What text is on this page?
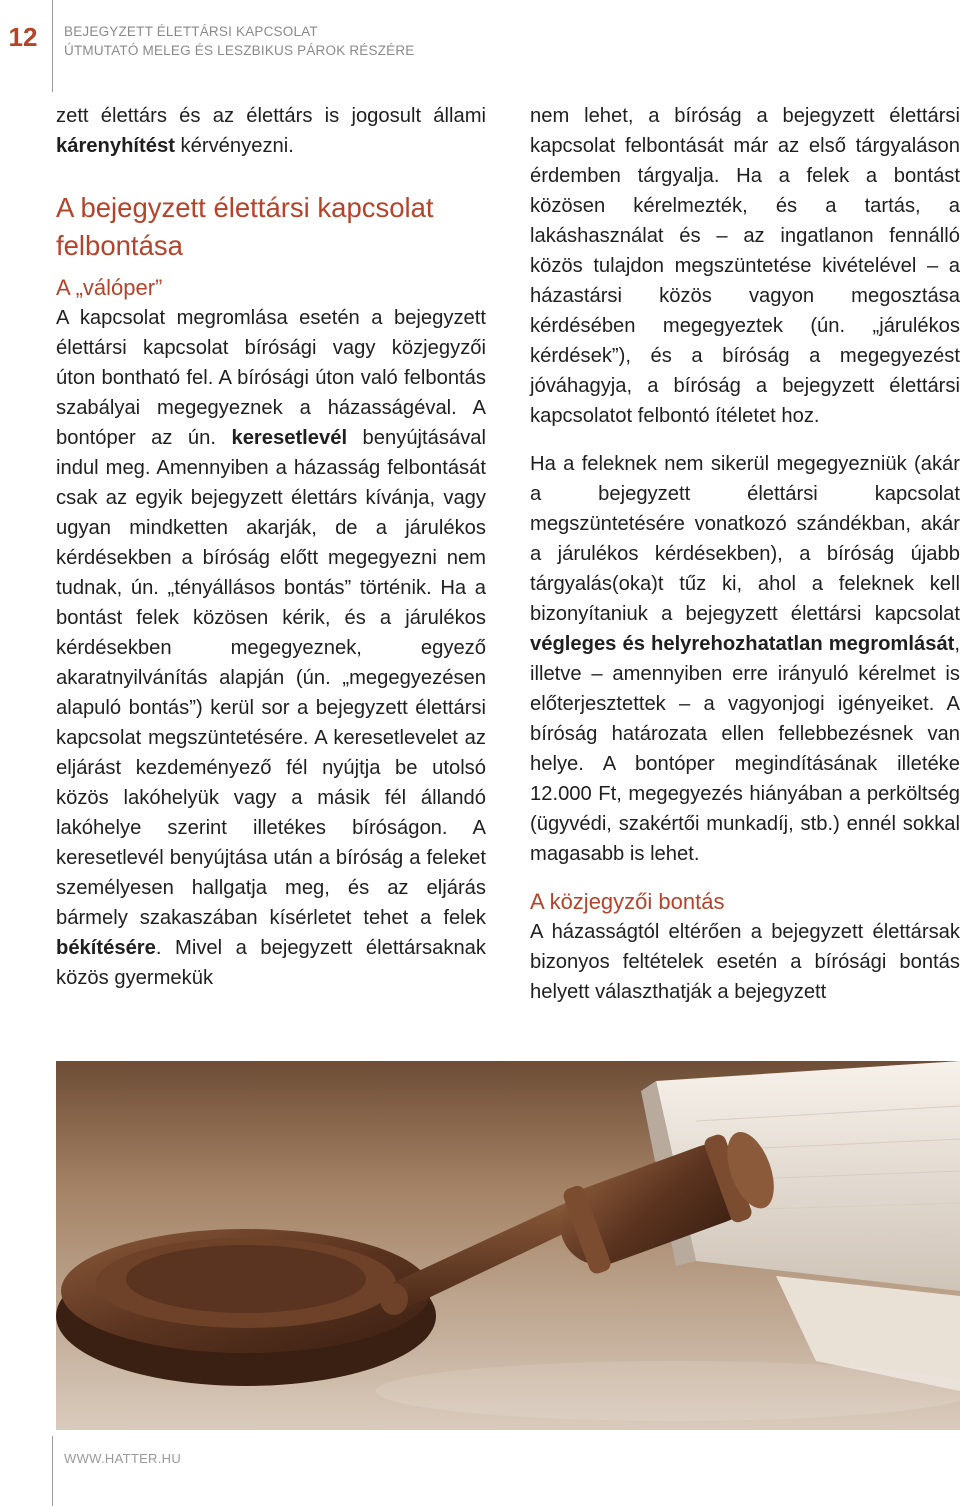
12	BEJEGYZETT ÉLETTÁRSI KAPCSOLAT
ÚTMUTATÓ MELEG ÉS LESZBIKUS PÁROK RÉSZÉRE

zett élettárs és az élettárs is jogosult állami kárenyhítést kérvényezni.

A bejegyzett élettársi kapcsolat felbontása
A „válóper”

A kapcsolat megromlása esetén a bejegyzett élettársi kapcsolat bírósági vagy közjegyzői úton bontható fel. A bírósági úton való felbontás szabályai megegyeznek a házasságéval. A bontóper az ún. keresetlevél benyújtásával indul meg. Amennyiben a házasság felbontását csak az egyik bejegyzett élettárs kívánja, vagy ugyan mindketten akarják, de a járulékos kérdésekben a bíróság előtt megegyezni nem tudnak, ún. „tényállásos bontás” történik. Ha a bontást felek közösen kérik, és a járulékos kérdésekben megegyeznek, egyező akaratnyilvánítás alapján (ún. „megegyezésen alapuló bontás”) kerül sor a bejegyzett élettársi kapcsolat megszüntetésére. A keresetlevelet az eljárást kezdeményező fél nyújtja be utolsó közös lakóhelyük vagy a másik fél állandó lakóhelye szerint illetékes bíróságon. A keresetlevél benyújtása után a bíróság a feleket személyesen hallgatja meg, és az eljárás bármely szakaszában kísérletet tehet a felek békítésére. Mivel a bejegyzett élettársaknak közös gyermekük

nem lehet, a bíróság a bejegyzett élettársi kapcsolat felbontását már az első tárgyaláson érdemben tárgyalja. Ha a felek a bontást közösen kérelmezték, és a tartás, a lakáshasználat és – az ingatlanon fennálló közös tulajdon megszüntetése kivételével – a házastársi közös vagyon megosztása kérdésében megegyeztek (ún. „járulékos kérdések”), és a bíróság a megegyezést jóváhagyja, a bíróság a bejegyzett élettársi kapcsolatot felbontó ítéletet hoz.

Ha a feleknek nem sikerül megegyezniük (akár a bejegyzett élettársi kapcsolat megszüntetésére vonatkozó szándékban, akár a járulékos kérdésekben), a bíróság újabb tárgyalás(oka)t tűz ki, ahol a feleknek kell bizonyítaniuk a bejegyzett élettársi kapcsolat végleges és helyrehozhatatlan megromlását, illetve – amennyiben erre irányuló kérelmet is előterjesztettek – a vagyonjogi igényeiket. A bíróság határozata ellen fellebbezésnek van helye. A bontóper megindításának illetéke 12.000 Ft, megegyezés hiányában a perköltség (ügyvédi, szakértői munkadíj, stb.) ennél sokkal magasabb is lehet.

A közjegyzői bontás

A házasságtól eltérően a bejegyzett élettársak bizonyos feltételek esetén a bírósági bontás helyett választhatják a bejegyzett

WWW.HATTER.HU
